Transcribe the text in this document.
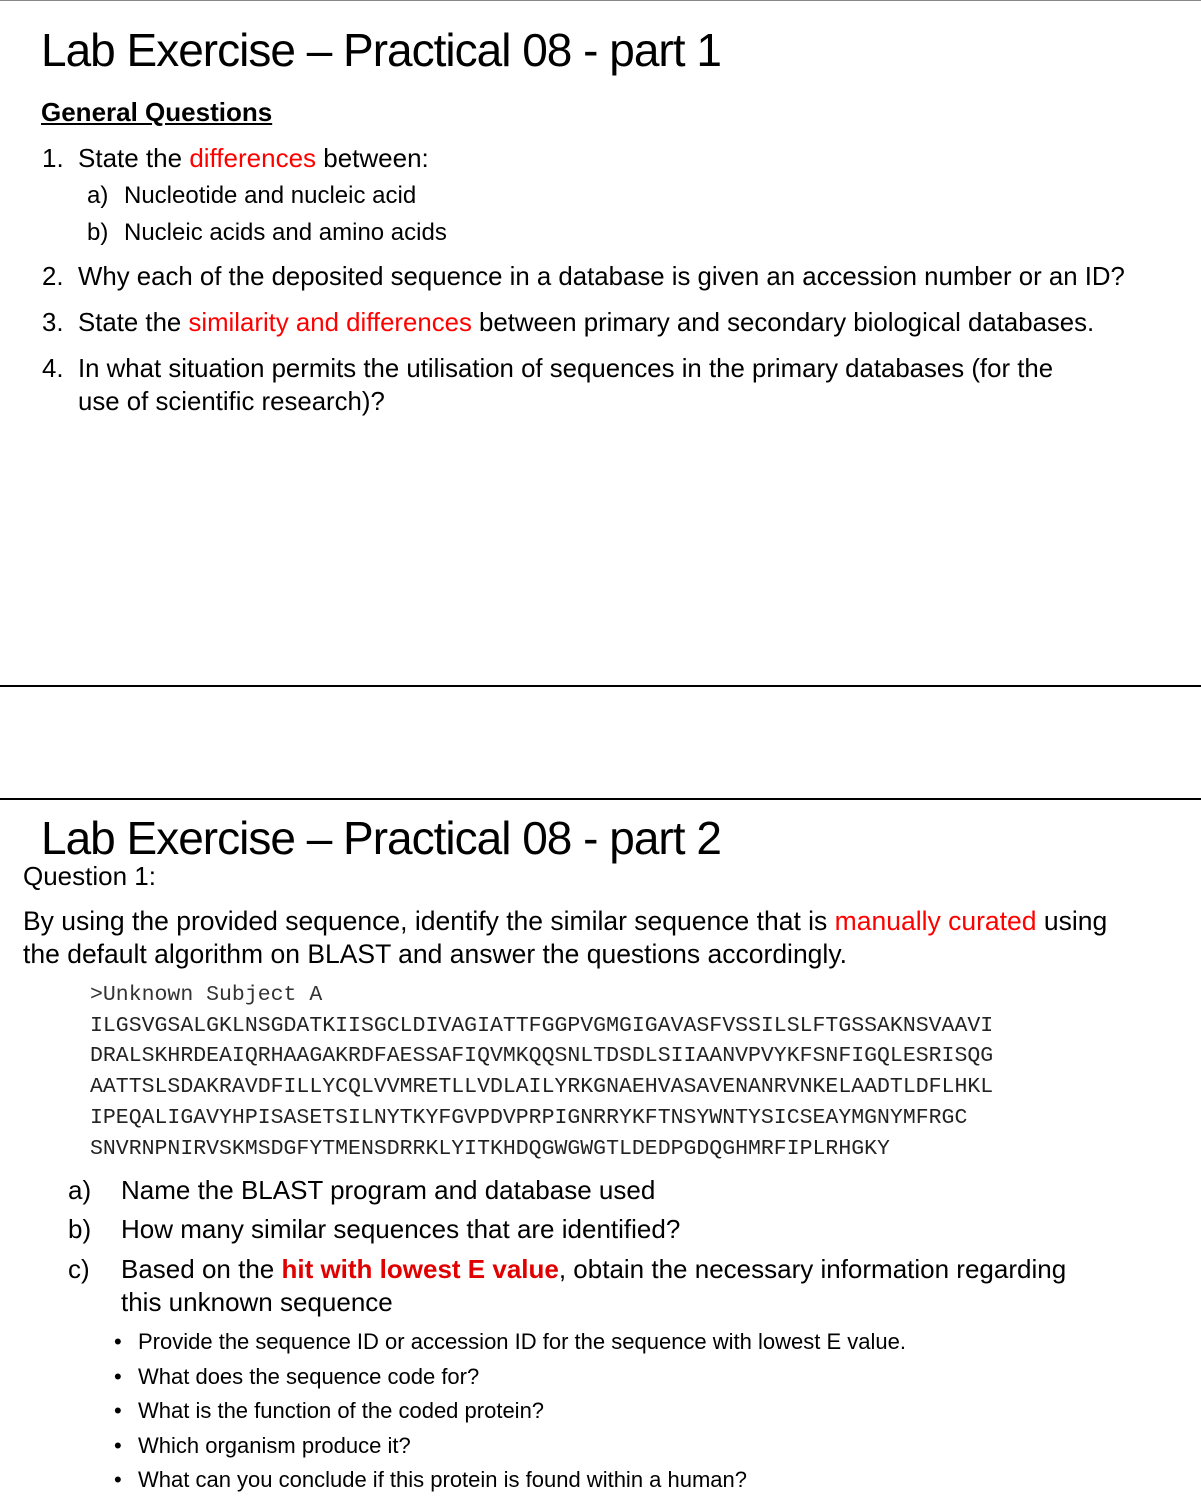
Lab Exercise – Practical 08 - part 1
General Questions
1. State the differences between:
a) Nucleotide and nucleic acid
b) Nucleic acids and amino acids
2. Why each of the deposited sequence in a database is given an accession number or an ID?
3. State the similarity and differences between primary and secondary biological databases.
4. In what situation permits the utilisation of sequences in the primary databases (for the
use of scientific research)?
Lab Exercise – Practical 08 - part 2
Question 1:
By using the provided sequence, identify the similar sequence that is manually curated using
the default algorithm on BLAST and answer the questions accordingly.
>Unknown Subject A
ILGSVGSALGKLNSGDATKIISGCLDIVAGIATTFGGPVGMGIGAVASFVSSILSLFTGSSAKNSVAAVI
DRALSKHRDEAIQRHAAGAKRDFAESSAFIQVMKQQSNLTDSDLSIIAANVPVYKFSNFIGQLESRISQG
AATTSLSDAKRAVDFILLYCQLVVMRETLLVDLAILYRKGNAEHVASAVENANRVNKELAADTLDFLHKL
IPEQALIGAVYHPISASETSILNYTKYFGVPDVPRPIGNRRYKFTNSYWNTYSICSEAYMGNYMFRGC
SNVRNPNIRVSKMSDGFYTMENSDRRKLYITKHDQGWGWGTLDEDPGDQGHMRFIPLRHGKY
a) Name the BLAST program and database used
b) How many similar sequences that are identified?
c) Based on the hit with lowest E value, obtain the necessary information regarding
this unknown sequence
• Provide the sequence ID or accession ID for the sequence with lowest E value.
• What does the sequence code for?
• What is the function of the coded protein?
• Which organism produce it?
• What can you conclude if this protein is found within a human?
